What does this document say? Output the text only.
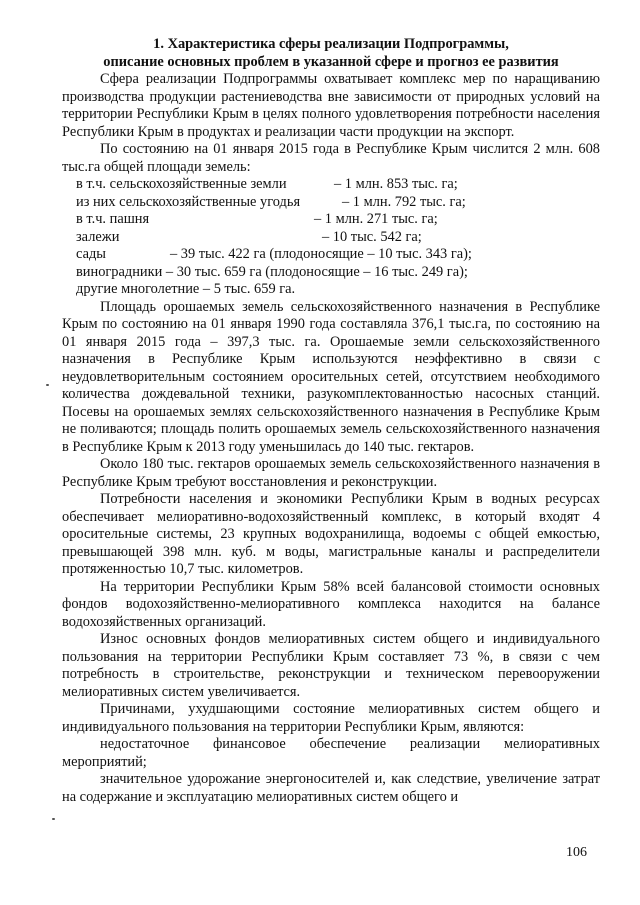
1. Характеристика сферы реализации Подпрограммы,
описание основных проблем в указанной сфере и прогноз ее развития

Сфера реализации Подпрограммы охватывает комплекс мер по наращиванию производства продукции растениеводства вне зависимости от природных условий на территории Республики Крым в целях полного удовлетворения потребности населения Республики Крым в продуктах и реализации части продукции на экспорт.

По состоянию на 01 января 2015 года в Республике Крым числится 2 млн. 608 тыс.га общей площади земель:

в т.ч. сельскохозяйственные земли	– 1 млн. 853 тыс. га;
из них сельскохозяйственные угодья	– 1 млн. 792 тыс. га;
в т.ч. пашня	– 1 млн. 271 тыс. га;
залежи	– 10 тыс. 542 га;
сады	– 39 тыс. 422 га (плодоносящие – 10 тыс. 343 га);
виноградники – 30 тыс. 659 га (плодоносящие – 16 тыс. 249 га);
другие многолетние – 5 тыс. 659 га.

Площадь орошаемых земель сельскохозяйственного назначения в Республике Крым по состоянию на 01 января 1990 года составляла 376,1 тыс.га, по состоянию на 01 января 2015 года – 397,3 тыс. га. Орошаемые земли сельскохозяйственного назначения в Республике Крым используются неэффективно в связи с неудовлетворительным состоянием оросительных сетей, отсутствием необходимого количества дождевальной техники, разукомплектованностью насосных станций. Посевы на орошаемых землях сельскохозяйственного назначения в Республике Крым не поливаются; площадь полить орошаемых земель сельскохозяйственного назначения в Республике Крым к 2013 году уменьшилась до 140 тыс. гектаров.

Около 180 тыс. гектаров орошаемых земель сельскохозяйственного назначения в Республике Крым требуют восстановления и реконструкции.

Потребности населения и экономики Республики Крым в водных ресурсах обеспечивает мелиоративно-водохозяйственный комплекс, в который входят 4 оросительные системы, 23 крупных водохранилища, водоемы с общей емкостью, превышающей 398 млн. куб. м воды, магистральные каналы и распределители протяженностью 10,7 тыс. километров.

На территории Республики Крым 58% всей балансовой стоимости основных фондов водохозяйственно-мелиоративного комплекса находится на балансе водохозяйственных организаций.

Износ основных фондов мелиоративных систем общего и индивидуального пользования на территории Республики Крым составляет 73 %, в связи с чем потребность в строительстве, реконструкции и техническом перевооружении мелиоративных систем увеличивается.

Причинами, ухудшающими состояние мелиоративных систем общего и индивидуального пользования на территории Республики Крым, являются:

недостаточное финансовое обеспечение реализации мелиоративных мероприятий;

значительное удорожание энергоносителей и, как следствие, увеличение затрат на содержание и эксплуатацию мелиоративных систем общего и

106
